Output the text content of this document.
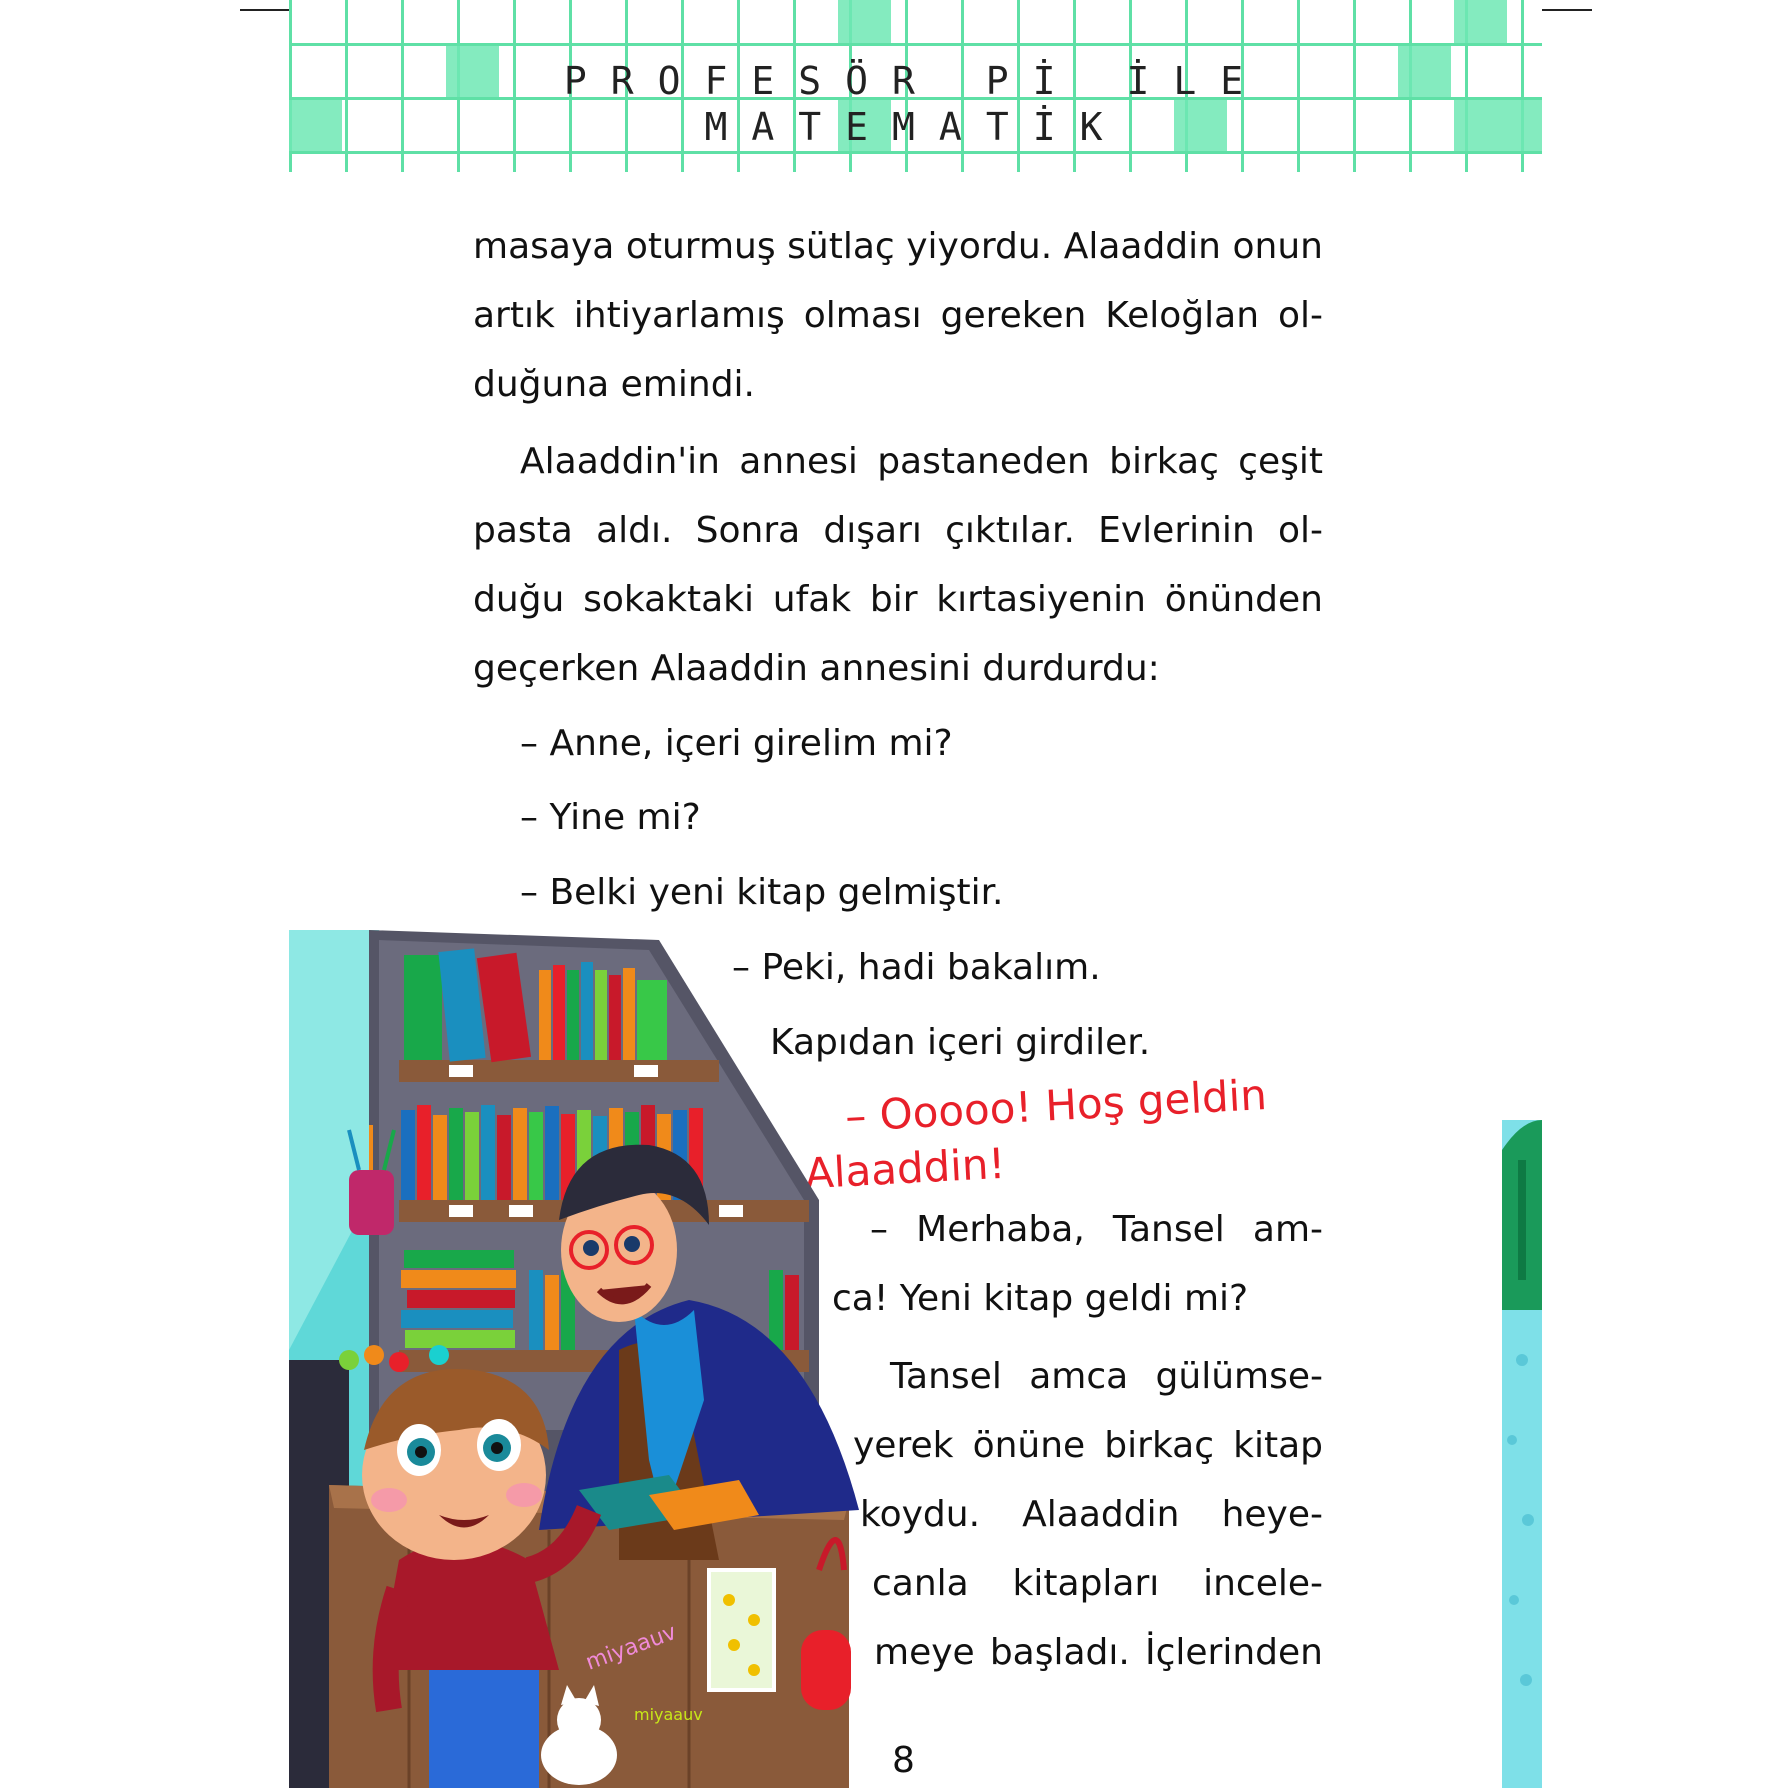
PROFESÖR Pİ İLE
MATEMATİK
masaya oturmuş sütlaç yiyordu. Alaaddin onun
artık ihtiyarlamış olması gereken Keloğlan ol-
duğuna emindi.
Alaaddin'in annesi pastaneden birkaç çeşit
pasta aldı. Sonra dışarı çıktılar. Evlerinin ol-
duğu sokaktaki ufak bir kırtasiyenin önünden
geçerken Alaaddin annesini durdurdu:
– Anne, içeri girelim mi?
– Yine mi?
– Belki yeni kitap gelmiştir.
– Peki, hadi bakalım.
Kapıdan içeri girdiler.
– Ooooo! Hoş geldin
Alaaddin!
– Merhaba, Tansel am-
ca! Yeni kitap geldi mi?
Tansel amca gülümse-
yerek önüne birkaç kitap
koydu. Alaaddin heye-
canla kitapları incele-
meye başladı. İçlerinden
miyaauv
miyaauv
8
